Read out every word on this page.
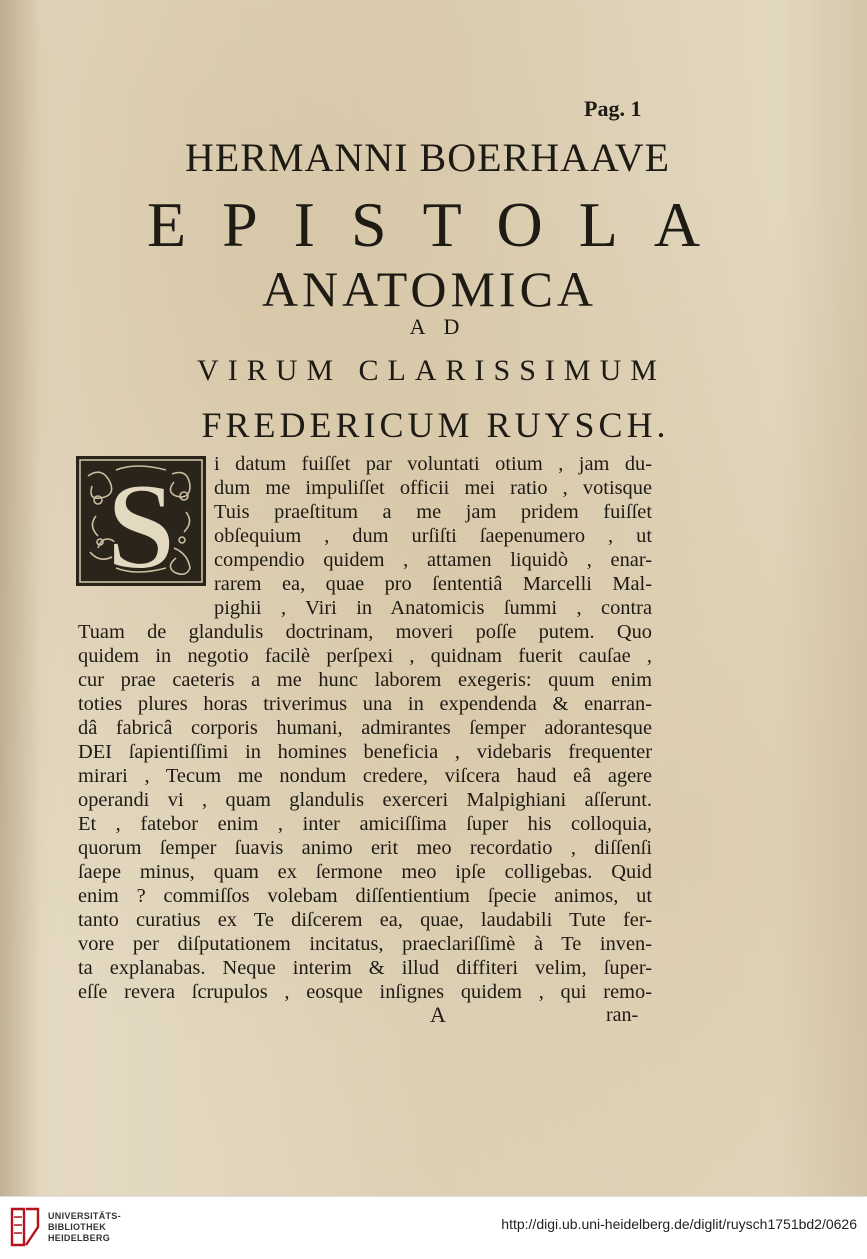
Pag. 1
HERMANNI BOERHAAVE
EPISTOLA
ANATOMICA
AD
VIRUM CLARISSIMUM
FREDERICUM RUYSCH.
S i datum fuiſſet par voluntati otium , jam du-
dum me impuliſſet officii mei ratio , votisque
Tuis praeſtitum a me jam pridem fuiſſet
obſequium , dum urſiſti ſaepenumero , ut
compendio quidem , attamen liquidò , enar-
rarem ea, quae pro ſententiâ Marcelli Mal-
pighii , Viri in Anatomicis ſummi , contra
Tuam de glandulis doctrinam, moveri poſſe putem. Quo
quidem in negotio facilè perſpexi , quidnam fuerit cauſae ,
cur prae caeteris a me hunc laborem exegeris: quum enim
toties plures horas triverimus una in expendenda & enarran-
dâ fabricâ corporis humani, admirantes ſemper adorantesque
DEI ſapientiſſimi in homines beneficia , videbaris frequenter
mirari , Tecum me nondum credere, viſcera haud eâ agere
operandi vi , quam glandulis exerceri Malpighiani aſſerunt.
Et , fatebor enim , inter amiciſſima ſuper his colloquia,
quorum ſemper ſuavis animo erit meo recordatio , diſſenſi
ſaepe minus, quam ex ſermone meo ipſe colligebas. Quid
enim ? commiſſos volebam diſſentientium ſpecie animos, ut
tanto curatius ex Te diſcerem ea, quae, laudabili Tute fer-
vore per diſputationem incitatus, praeclariſſimè à Te inven-
ta explanabas. Neque interim & illud diffiteri velim, ſuper-
eſſe revera ſcrupulos , eosque inſignes quidem , qui remo-
A	ran-
UNIVERSITÄTS-
BIBLIOTHEK
HEIDELBERG
http://digi.ub.uni-heidelberg.de/diglit/ruysch1751bd2/0626
